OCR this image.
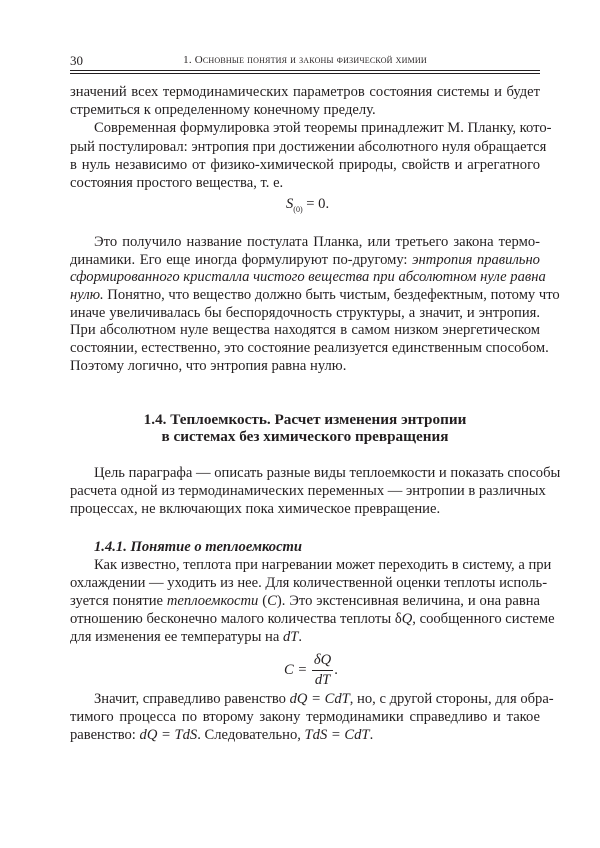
30	1. Основные понятия и законы физической химии
значений всех термодинамических параметров состояния системы и будет
стремиться к определенному конечному пределу.
Современная формулировка этой теоремы принадлежит М. Планку, кото-
рый постулировал: энтропия при достижении абсолютного нуля обращается
в нуль независимо от физико-химической природы, свойств и агрегатного
состояния простого вещества, т. е.
$S_{(0)} = 0$.
Это получило название постулата Планка, или третьего закона термо-
динамики. Его еще иногда формулируют по-другому: энтропия правильно
сформированного кристалла чистого вещества при абсолютном нуле равна
нулю. Понятно, что вещество должно быть чистым, бездефектным, потому что
иначе увеличивалась бы беспорядочность структуры, а значит, и энтропия.
При абсолютном нуле вещества находятся в самом низком энергетическом
состоянии, естественно, это состояние реализуется единственным способом.
Поэтому логично, что энтропия равна нулю.
1.4. Теплоемкость. Расчет изменения энтропии
в системах без химического превращения
Цель параграфа — описать разные виды теплоемкости и показать способы
расчета одной из термодинамических переменных — энтропии в различных
процессах, не включающих пока химическое превращение.
1.4.1. Понятие о теплоемкости
Как известно, теплота при нагревании может переходить в систему, а при
охлаждении — уходить из нее. Для количественной оценки теплоты исполь-
зуется понятие теплоемкости (C). Это экстенсивная величина, и она равна
отношению бесконечно малого количества теплоты δQ, сообщенного системе
для изменения ее температуры на dT.
$C = \frac{\delta Q}{dT}$ .
Значит, справедливо равенство dQ = CdT, но, с другой стороны, для обра-
тимого процесса по второму закону термодинамики справедливо и такое
равенство: dQ = TdS. Следовательно, TdS = CdT.
